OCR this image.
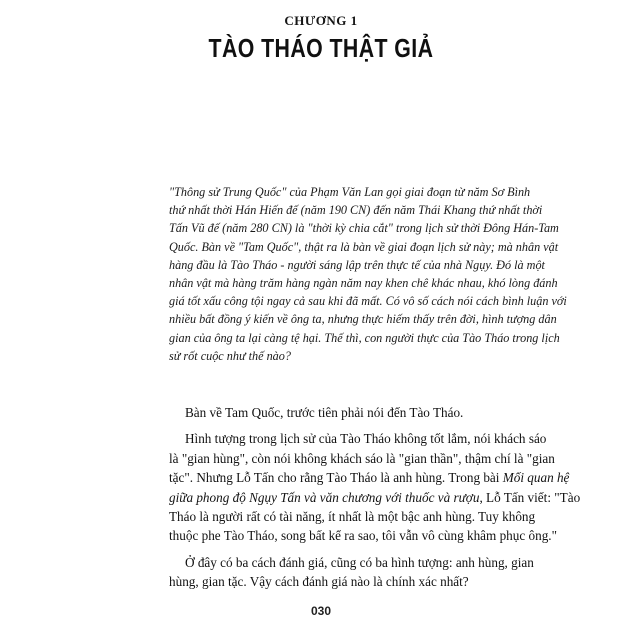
CHƯƠNG 1
TÀO THÁO THẬT GIẢ
"Thông sử Trung Quốc" của Phạm Văn Lan gọi giai đoạn từ năm Sơ Bình
thứ nhất thời Hán Hiến đế (năm 190 CN) đến năm Thái Khang thứ nhất thời
Tấn Vũ đế (năm 280 CN) là "thời kỳ chia cắt" trong lịch sử thời Đông Hán-Tam
Quốc. Bàn về "Tam Quốc", thật ra là bàn về giai đoạn lịch sử này; mà nhân vật
hàng đầu là Tào Tháo - người sáng lập trên thực tế của nhà Ngụy. Đó là một
nhân vật mà hàng trăm hàng ngàn năm nay khen chê khác nhau, khó lòng đánh
giá tốt xấu công tội ngay cả sau khi đã mất. Có vô số cách nói cách bình luận với
nhiều bất đồng ý kiến về ông ta, nhưng thực hiếm thấy trên đời, hình tượng dân
gian của ông ta lại càng tệ hại. Thế thì, con người thực của Tào Tháo trong lịch
sử rốt cuộc như thế nào?
Bàn về Tam Quốc, trước tiên phải nói đến Tào Tháo.
Hình tượng trong lịch sử của Tào Tháo không tốt lắm, nói khách sáo
là "gian hùng", còn nói không khách sáo là "gian thần", thậm chí là "gian
tặc". Nhưng Lỗ Tấn cho rằng Tào Tháo là anh hùng. Trong bài Mối quan hệ
giữa phong độ Ngụy Tấn và văn chương với thuốc và rượu, Lỗ Tấn viết: "Tào
Tháo là người rất có tài năng, ít nhất là một bậc anh hùng. Tuy không
thuộc phe Tào Tháo, song bất kể ra sao, tôi vẫn vô cùng khâm phục ông."
Ở đây có ba cách đánh giá, cũng có ba hình tượng: anh hùng, gian
hùng, gian tặc. Vậy cách đánh giá nào là chính xác nhất?
030
